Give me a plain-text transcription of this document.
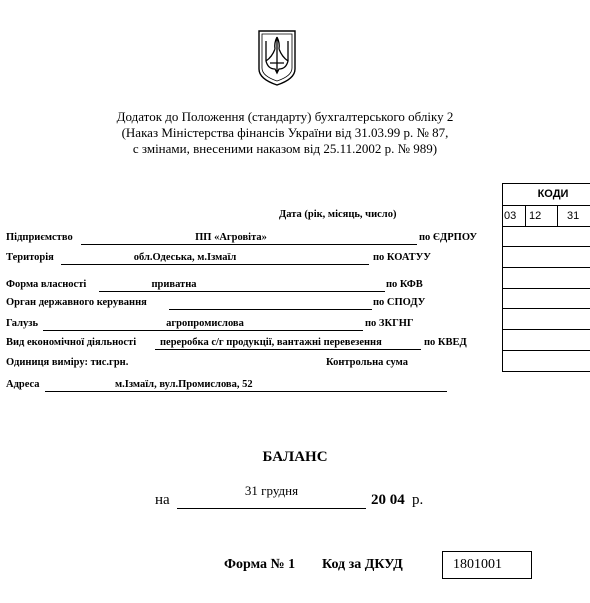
Додаток до Положення (стандарту) бухгалтерського обліку 2
(Наказ Міністерства фінансів України від 31.03.99 р. № 87,
с змінами, внесеними наказом від 25.11.2002 р. № 989)
КОДИ
03 12 31
Дата (рік, місяць, число)
Підприємство	ПП «Агровіта»	по ЄДРПОУ
Територія	обл.Одеська, м.Ізмаїл	по КОАТУУ
Форма власності	приватна	по КФВ
Орган державного керування	по СПОДУ
Галузь	агропромислова	по ЗКГНГ
Вид економічної діяльності	переробка с/г продукції, вантажні перевезення	по КВЕД
Одиниця виміру: тис.грн.	Контрольна сума
Адреса	м.Ізмаїл, вул.Промислова, 52
БАЛАНС
на
31 грудня
20 04 р.
Форма № 1 Код за ДКУД	1801001
